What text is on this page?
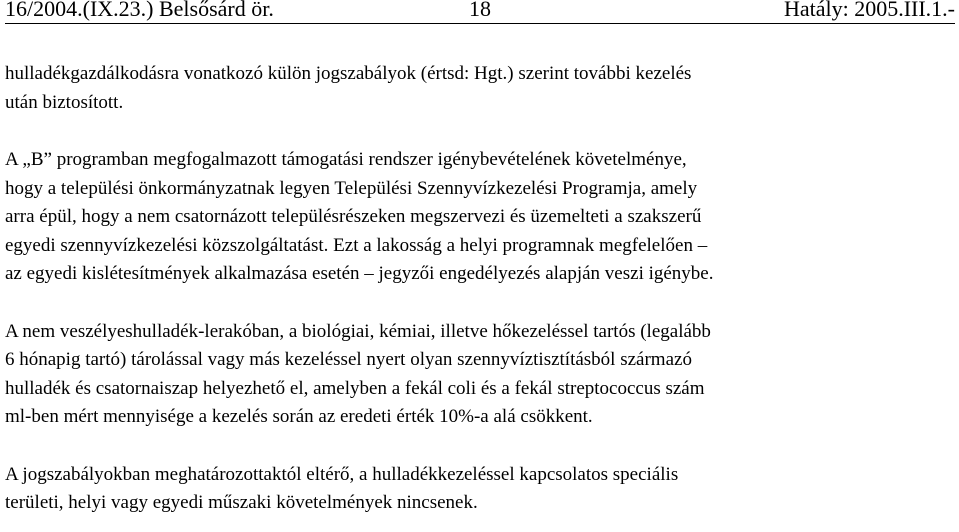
16/2004.(IX.23.) Belsősárd ör.	18	Hatály: 2005.III.1.-

hulladékgazdálkodásra vonatkozó külön jogszabályok (értsd: Hgt.) szerint további kezelés
után biztosított.

A „B” programban megfogalmazott támogatási rendszer igénybevételének követelménye,
hogy a települési önkormányzatnak legyen Települési Szennyvízkezelési Programja, amely
arra épül, hogy a nem csatornázott településrészeken megszervezi és üzemelteti a szakszerű
egyedi szennyvízkezelési közszolgáltatást. Ezt a lakosság a helyi programnak megfelelően –
az egyedi kislétesítmények alkalmazása esetén – jegyzői engedélyezés alapján veszi igénybe.

A nem veszélyeshulladék-lerakóban, a biológiai, kémiai, illetve hőkezeléssel tartós (legalább
6 hónapig tartó) tárolással vagy más kezeléssel nyert olyan szennyvíztisztításból származó
hulladék és csatornaiszap helyezhető el, amelyben a fekál coli és a fekál streptococcus szám
ml-ben mért mennyisége a kezelés során az eredeti érték 10%-a alá csökkent.

A jogszabályokban meghatározottaktól eltérő, a hulladékkezeléssel kapcsolatos speciális
területi, helyi vagy egyedi műszaki követelmények nincsenek.
